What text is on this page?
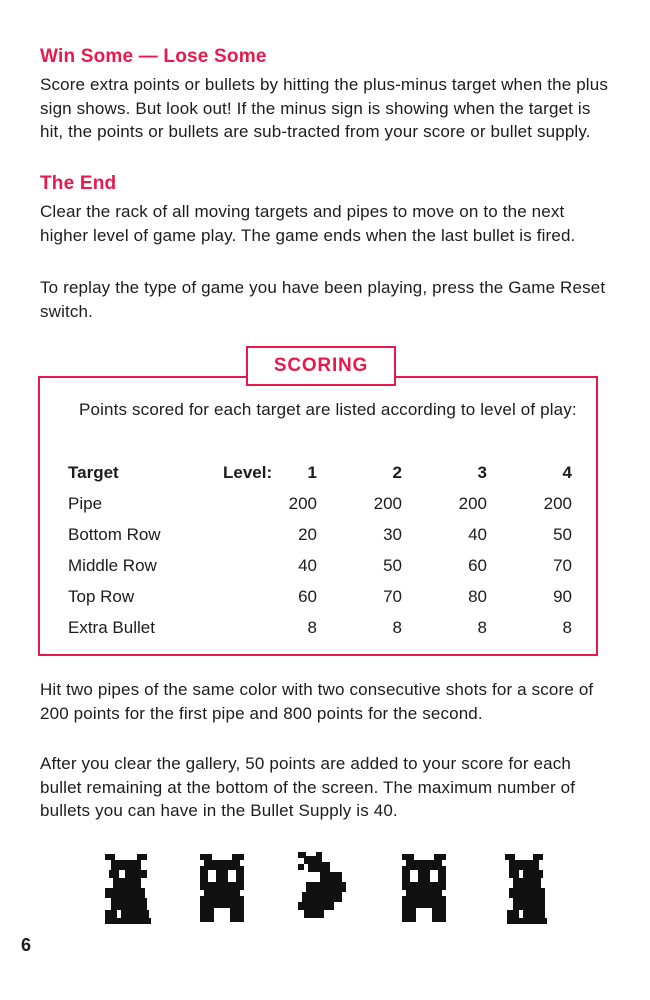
Win Some — Lose Some

Score extra points or bullets by hitting the plus-minus target when the plus sign shows. But look out! If the minus sign is showing when the target is hit, the points or bullets are sub-tracted from your score or bullet supply.

The End

Clear the rack of all moving targets and pipes to move on to the next higher level of game play. The game ends when the last bullet is fired.

To replay the type of game you have been playing, press the Game Reset switch.

SCORING

Points scored for each target are listed according to level of play:

Target	Level:	1	2	3	4
Pipe		200	200	200	200
Bottom Row		20	30	40	50
Middle Row		40	50	60	70
Top Row		60	70	80	90
Extra Bullet		8	8	8	8

Hit two pipes of the same color with two consecutive shots for a score of 200 points for the first pipe and 800 points for the second.

After you clear the gallery, 50 points are added to your score for each bullet remaining at the bottom of the screen. The maximum number of bullets you can have in the Bullet Supply is 40.

6
